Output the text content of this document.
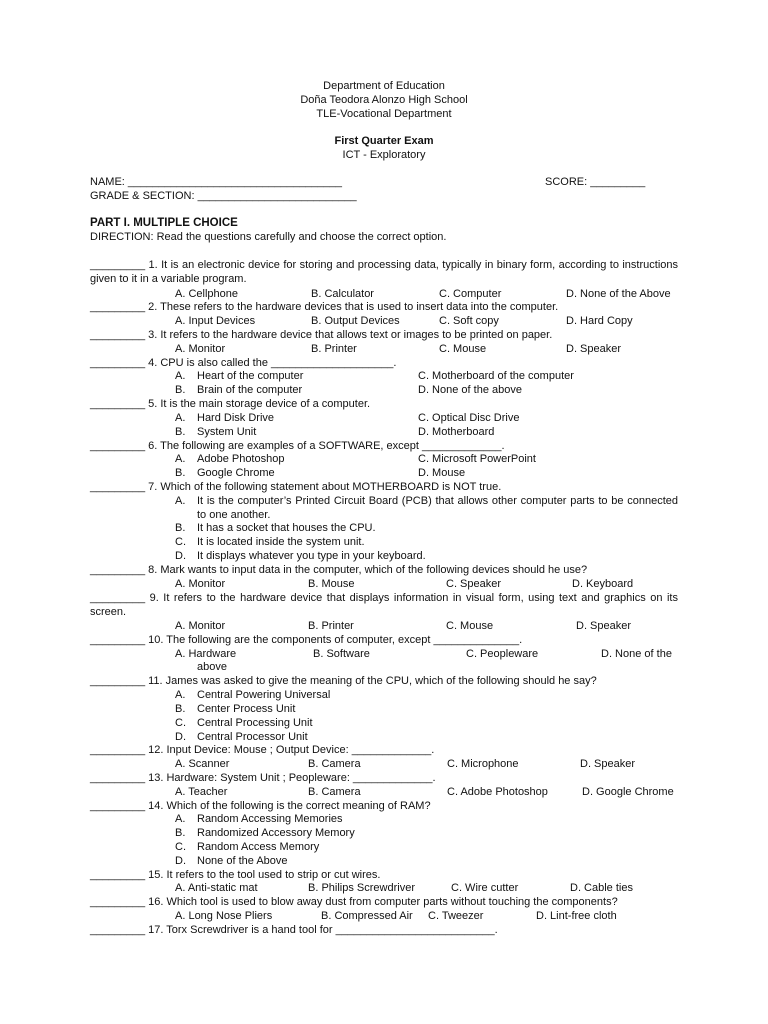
Department of Education
Doña Teodora Alonzo High School
TLE-Vocational Department
First Quarter Exam
ICT - Exploratory
NAME: ___________________________________
GRADE & SECTION: __________________________
SCORE: _________
PART I. MULTIPLE CHOICE
DIRECTION: Read the questions carefully and choose the correct option.
_________ 1. It is an electronic device for storing and processing data, typically in binary form, according to instructions given to it in a variable program.
A. Cellphone	B. Calculator	C. Computer	D. None of the Above
_________ 2. These refers to the hardware devices that is used to insert data into the computer.
A. Input Devices	B. Output Devices	C. Soft copy	D. Hard Copy
_________ 3. It refers to the hardware device that allows text or images to be printed on paper.
A. Monitor	B. Printer	C. Mouse	D. Speaker
_________ 4. CPU is also called the ____________________.
A. Heart of the computer	C. Motherboard of the computer
B. Brain of the computer	D. None of the above
_________ 5. It is the main storage device of a computer.
A. Hard Disk Drive	C. Optical Disc Drive
B. System Unit	D. Motherboard
_________ 6. The following are examples of a SOFTWARE, except _____________.
A. Adobe Photoshop	C. Microsoft PowerPoint
B. Google Chrome	D. Mouse
_________ 7. Which of the following statement about MOTHERBOARD is NOT true.
A. It is the computer’s Printed Circuit Board (PCB) that allows other computer parts to be connected to one another.
B. It has a socket that houses the CPU.
C. It is located inside the system unit.
D. It displays whatever you type in your keyboard.
_________ 8. Mark wants to input data in the computer, which of the following devices should he use?
A. Monitor	B. Mouse	C. Speaker	D. Keyboard
_________ 9. It refers to the hardware device that displays information in visual form, using text and graphics on its screen.
A. Monitor	B. Printer	C. Mouse	D. Speaker
_________ 10. The following are the components of computer, except ______________.
A. Hardware	B. Software	C. Peopleware	D. None of the
above
_________ 11. James was asked to give the meaning of the CPU, which of the following should he say?
A. Central Powering Universal
B. Center Process Unit
C. Central Processing Unit
D. Central Processor Unit
_________ 12. Input Device: Mouse ; Output Device: _____________.
A. Scanner	B. Camera	C. Microphone	D. Speaker
_________ 13. Hardware: System Unit ; Peopleware: _____________.
A. Teacher	B. Camera	C. Adobe Photoshop	D. Google Chrome
_________ 14. Which of the following is the correct meaning of RAM?
A. Random Accessing Memories
B. Randomized Accessory Memory
C. Random Access Memory
D. None of the Above
_________ 15. It refers to the tool used to strip or cut wires.
A. Anti-static mat	B. Philips Screwdriver	C. Wire cutter	D. Cable ties
_________ 16. Which tool is used to blow away dust from computer parts without touching the components?
A. Long Nose Pliers	B. Compressed Air C. Tweezer	D. Lint-free cloth
_________ 17. Torx Screwdriver is a hand tool for __________________________.
